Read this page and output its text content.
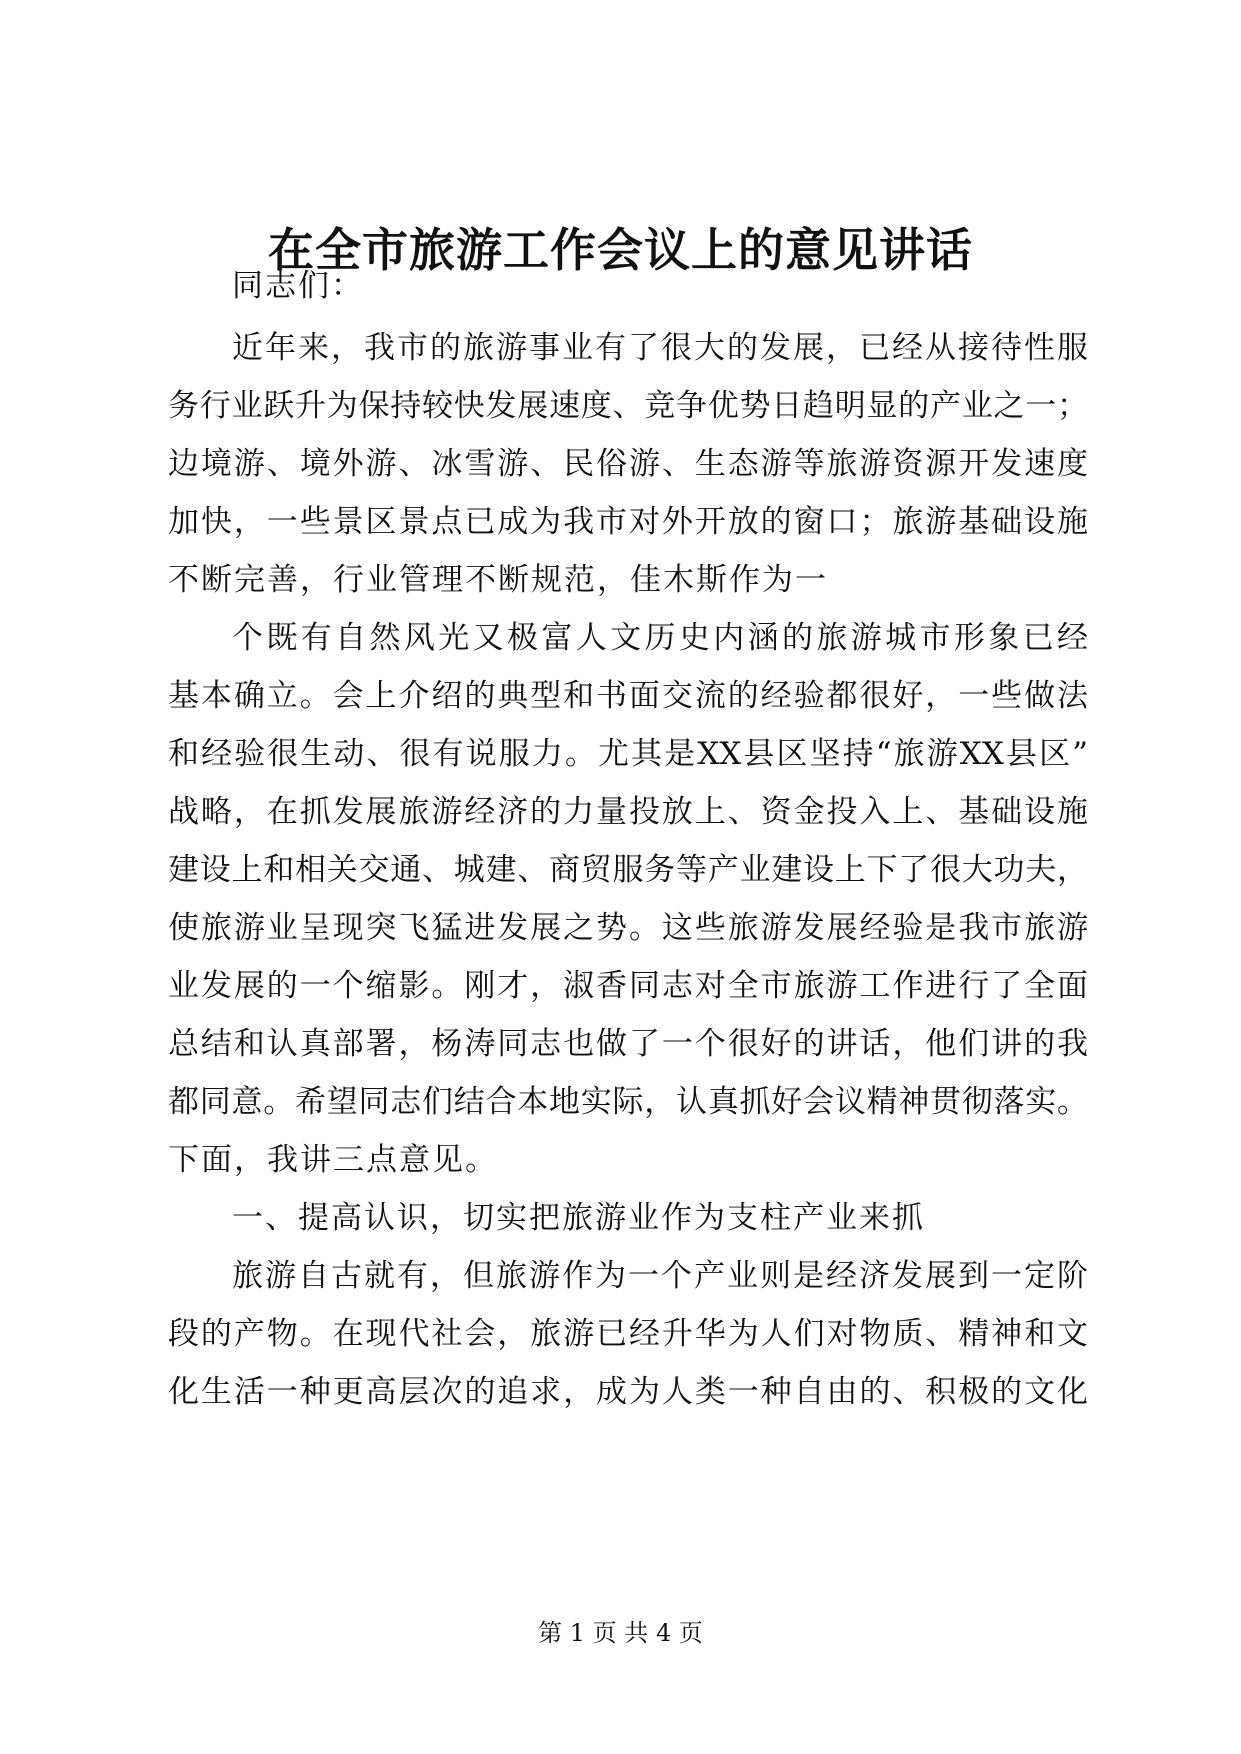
在全市旅游工作会议上的意见讲话

同志们：

近年来，我市的旅游事业有了很大的发展，已经从接待性服

务行业跃升为保持较快发展速度、竞争优势日趋明显的产业之一；

边境游、境外游、冰雪游、民俗游、生态游等旅游资源开发速度

加快，一些景区景点已成为我市对外开放的窗口；旅游基础设施

不断完善，行业管理不断规范，佳木斯作为一

个既有自然风光又极富人文历史内涵的旅游城市形象已经

基本确立。会上介绍的典型和书面交流的经验都很好，一些做法

和经验很生动、很有说服力。尤其是XX县区坚持“旅游XX县区”

战略，在抓发展旅游经济的力量投放上、资金投入上、基础设施

建设上和相关交通、城建、商贸服务等产业建设上下了很大功夫，

使旅游业呈现突飞猛进发展之势。这些旅游发展经验是我市旅游

业发展的一个缩影。刚才，淑香同志对全市旅游工作进行了全面

总结和认真部署，杨涛同志也做了一个很好的讲话，他们讲的我

都同意。希望同志们结合本地实际，认真抓好会议精神贯彻落实。

下面，我讲三点意见。

一、提高认识，切实把旅游业作为支柱产业来抓

旅游自古就有，但旅游作为一个产业则是经济发展到一定阶

段的产物。在现代社会，旅游已经升华为人们对物质、精神和文

化生活一种更高层次的追求，成为人类一种自由的、积极的文化

第 1 页 共 4 页
